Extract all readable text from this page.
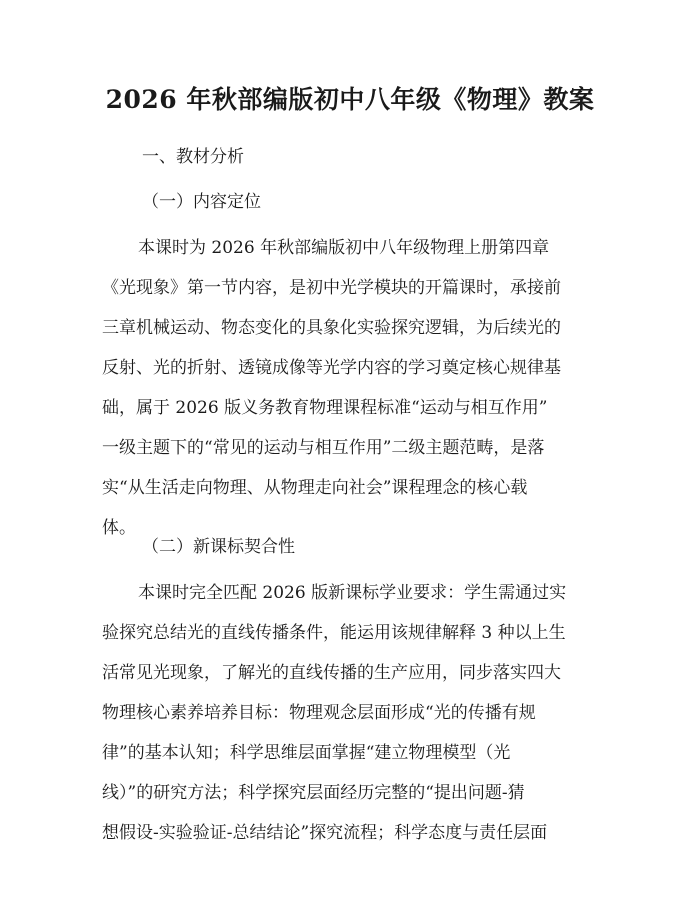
2026 年秋部编版初中八年级《物理》教案
一、教材分析
（一）内容定位
本课时为 2026 年秋部编版初中八年级物理上册第四章
《光现象》第一节内容，是初中光学模块的开篇课时，承接前
三章机械运动、物态变化的具象化实验探究逻辑，为后续光的
反射、光的折射、透镜成像等光学内容的学习奠定核心规律基
础，属于 2026 版义务教育物理课程标准“运动与相互作用”
一级主题下的“常见的运动与相互作用”二级主题范畴，是落
实“从生活走向物理、从物理走向社会”课程理念的核心载
体。
（二）新课标契合性
本课时完全匹配 2026 版新课标学业要求：学生需通过实
验探究总结光的直线传播条件，能运用该规律解释 3 种以上生
活常见光现象，了解光的直线传播的生产应用，同步落实四大
物理核心素养培养目标：物理观念层面形成“光的传播有规
律”的基本认知；科学思维层面掌握“建立物理模型（光
线）”的研究方法；科学探究层面经历完整的“提出问题-猜
想假设-实验验证-总结结论”探究流程；科学态度与责任层面
